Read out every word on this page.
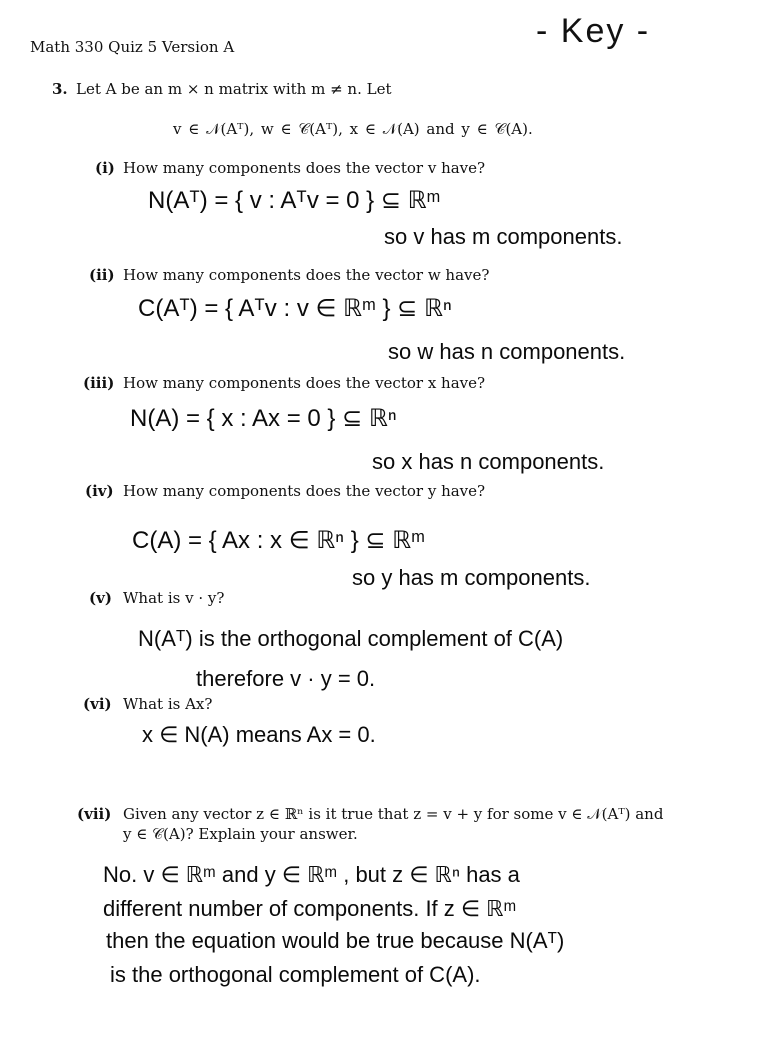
Math 330 Quiz 5 Version A	- Key -
3. Let A be an m × n matrix with m ≠ n. Let
v ∈ 𝒩(Aᵀ), w ∈ 𝒞(Aᵀ), x ∈ 𝒩(A) and y ∈ 𝒞(A).
(i) How many components does the vector v have?
N(Aᵀ) = { v : Aᵀv = 0 } ⊆ ℝᵐ
so v has m components.
(ii) How many components does the vector w have?
C(Aᵀ) = { Aᵀv : v ∈ ℝᵐ } ⊆ ℝⁿ
so w has n components.
(iii) How many components does the vector x have?
N(A) = { x : Ax = 0 } ⊆ ℝⁿ
so x has n components.
(iv) How many components does the vector y have?
C(A) = { Ax : x ∈ ℝⁿ } ⊆ ℝᵐ
so y has m components.
(v) What is v · y?
N(Aᵀ) is the orthogonal complement of C(A)
therefore v · y = 0.
(vi) What is Ax?
x ∈ N(A) means Ax = 0.
(vii) Given any vector z ∈ ℝⁿ is it true that z = v + y for some v ∈ 𝒩(Aᵀ) and
y ∈ 𝒞(A)? Explain your answer.
No. v ∈ ℝᵐ and y ∈ ℝᵐ , but z ∈ ℝⁿ has a
different number of components. If z ∈ ℝᵐ
then the equation would be true because N(Aᵀ)
is the orthogonal complement of C(A).
